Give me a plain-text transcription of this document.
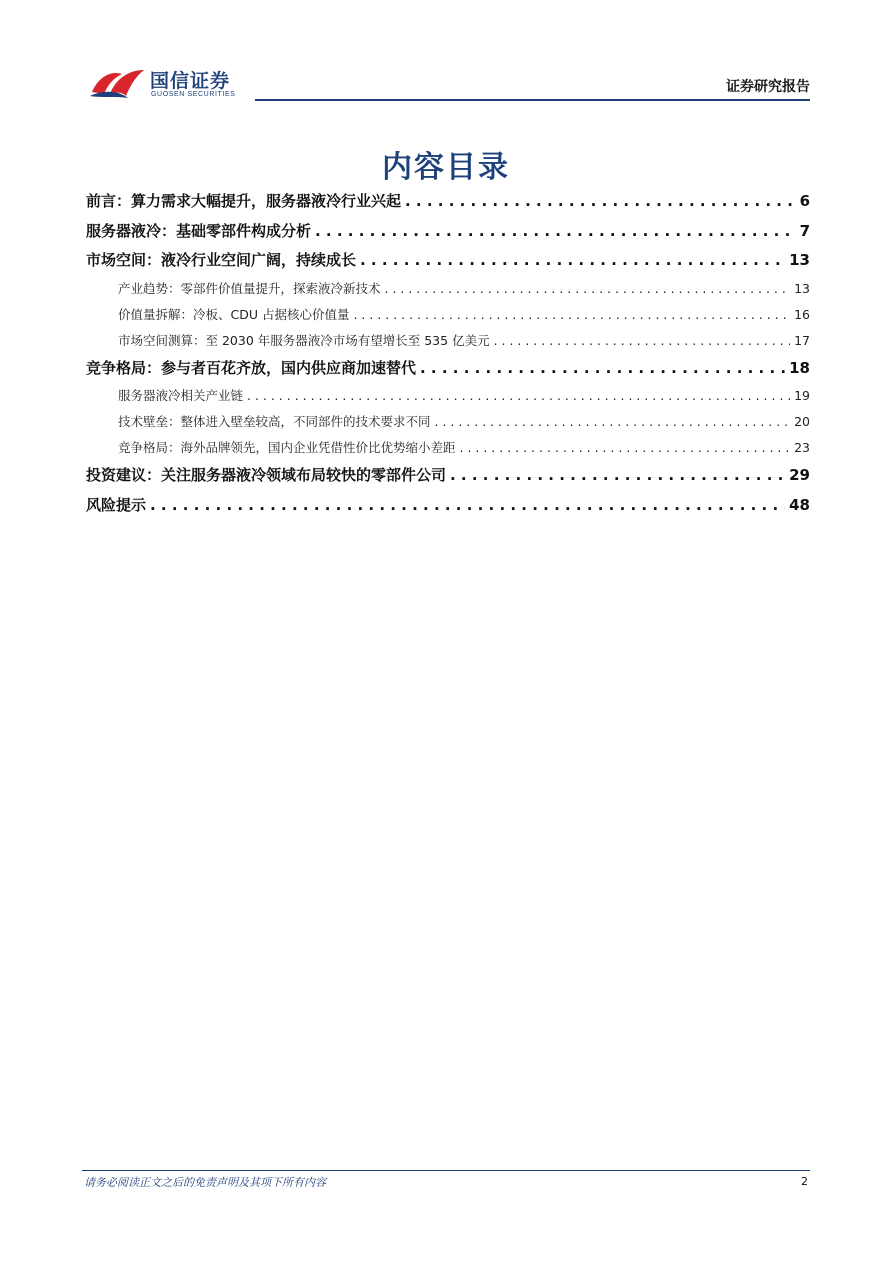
国信证券
GUOSEN SECURITIES	证券研究报告
内容目录
前言：算力需求大幅提升，服务器液冷行业兴起 . . .	6
服务器液冷：基础零部件构成分析 . . .	7
市场空间：液冷行业空间广阔，持续成长 . . .	13
产业趋势：零部件价值量提升，探索液冷新技术 . . .	13
价值量拆解：冷板、CDU 占据核心价值量 . . .	16
市场空间测算：至 2030 年服务器液冷市场有望增长至 535 亿美元 . . .	17
竞争格局：参与者百花齐放，国内供应商加速替代 . . .	18
服务器液冷相关产业链 . . .	19
技术壁垒：整体进入壁垒较高，不同部件的技术要求不同 . . .	20
竞争格局：海外品牌领先，国内企业凭借性价比优势缩小差距 . . .	23
投资建议：关注服务器液冷领域布局较快的零部件公司 . . .	29
风险提示 . . .	48
请务必阅读正文之后的免责声明及其项下所有内容	2
